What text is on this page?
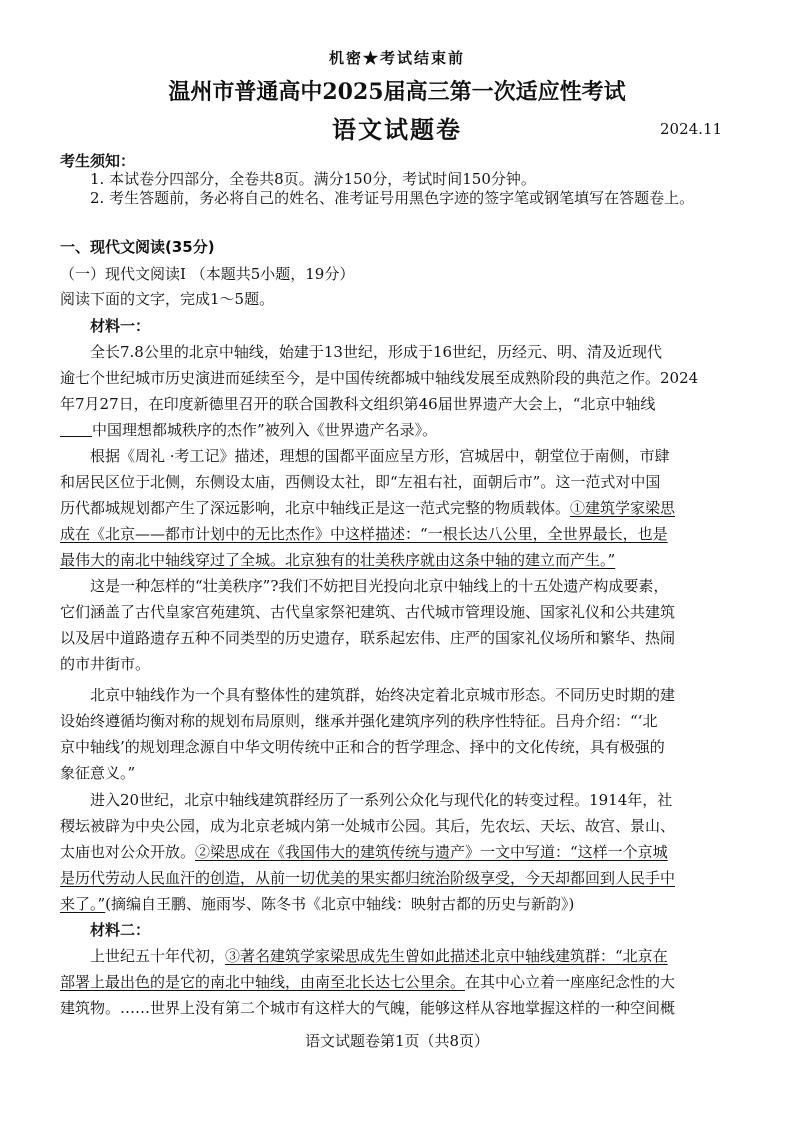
机密★考试结束前
温州市普通高中2025届高三第一次适应性考试
语文试题卷	2024.11
考生须知：
1. 本试卷分四部分，全卷共8页。满分150分，考试时间150分钟。
2. 考生答题前，务必将自己的姓名、准考证号用黑色字迹的签字笔或钢笔填写在答题卷上。
一、现代文阅读(35分)
（一）现代文阅读Ⅰ （本题共5小题，19分）
阅读下面的文字，完成1～5题。
材料一：
全长7.8公里的北京中轴线，始建于13世纪，形成于16世纪，历经元、明、清及近现代
逾七个世纪城市历史演进而延续至今，是中国传统都城中轴线发展至成熟阶段的典范之作。2024
年7月27日，在印度新德里召开的联合国教科文组织第46届世界遗产大会上，“北京中轴线
中国理想都城秩序的杰作”被列入《世界遗产名录》。
根据《周礼 ·考工记》描述，理想的国都平面应呈方形，宫城居中，朝堂位于南侧，市肆
和居民区位于北侧，东侧设太庙，西侧设太社，即“左祖右社，面朝后市”。这一范式对中国
历代都城规划都产生了深远影响，北京中轴线正是这一范式完整的物质载体。①建筑学家梁思
成在《北京——都市计划中的无比杰作》中这样描述：“一根长达八公里，全世界最长，也是
最伟大的南北中轴线穿过了全城。北京独有的壮美秩序就由这条中轴的建立而产生。”
这是一种怎样的“壮美秩序”?我们不妨把目光投向北京中轴线上的十五处遗产构成要素，
它们涵盖了古代皇家宫苑建筑、古代皇家祭祀建筑、古代城市管理设施、国家礼仪和公共建筑
以及居中道路遗存五种不同类型的历史遗存，联系起宏伟、庄严的国家礼仪场所和繁华、热闹
的市井街市。
北京中轴线作为一个具有整体性的建筑群，始终决定着北京城市形态。不同历史时期的建
设始终遵循均衡对称的规划布局原则，继承并强化建筑序列的秩序性特征。吕舟介绍：“‘北
京中轴线’的规划理念源自中华文明传统中正和合的哲学理念、择中的文化传统，具有极强的
象征意义。”
进入20世纪，北京中轴线建筑群经历了一系列公众化与现代化的转变过程。1914年，社
稷坛被辟为中央公园，成为北京老城内第一处城市公园。其后，先农坛、天坛、故宫、景山、
太庙也对公众开放。②梁思成在《我国伟大的建筑传统与遗产》一文中写道：“这样一个京城
是历代劳动人民血汗的创造，从前一切优美的果实都归统治阶级享受，今天却都回到人民手中
来了。”(摘编自王鹏、施雨岑、陈冬书《北京中轴线：映射古都的历史与新韵》)
材料二：
上世纪五十年代初，③著名建筑学家梁思成先生曾如此描述北京中轴线建筑群：“北京在
部署上最出色的是它的南北中轴线，由南至北长达七公里余。在其中心立着一座座纪念性的大
建筑物。……世界上没有第二个城市有这样大的气魄，能够这样从容地掌握这样的一种空间概
语文试题卷第1页（共8页）
